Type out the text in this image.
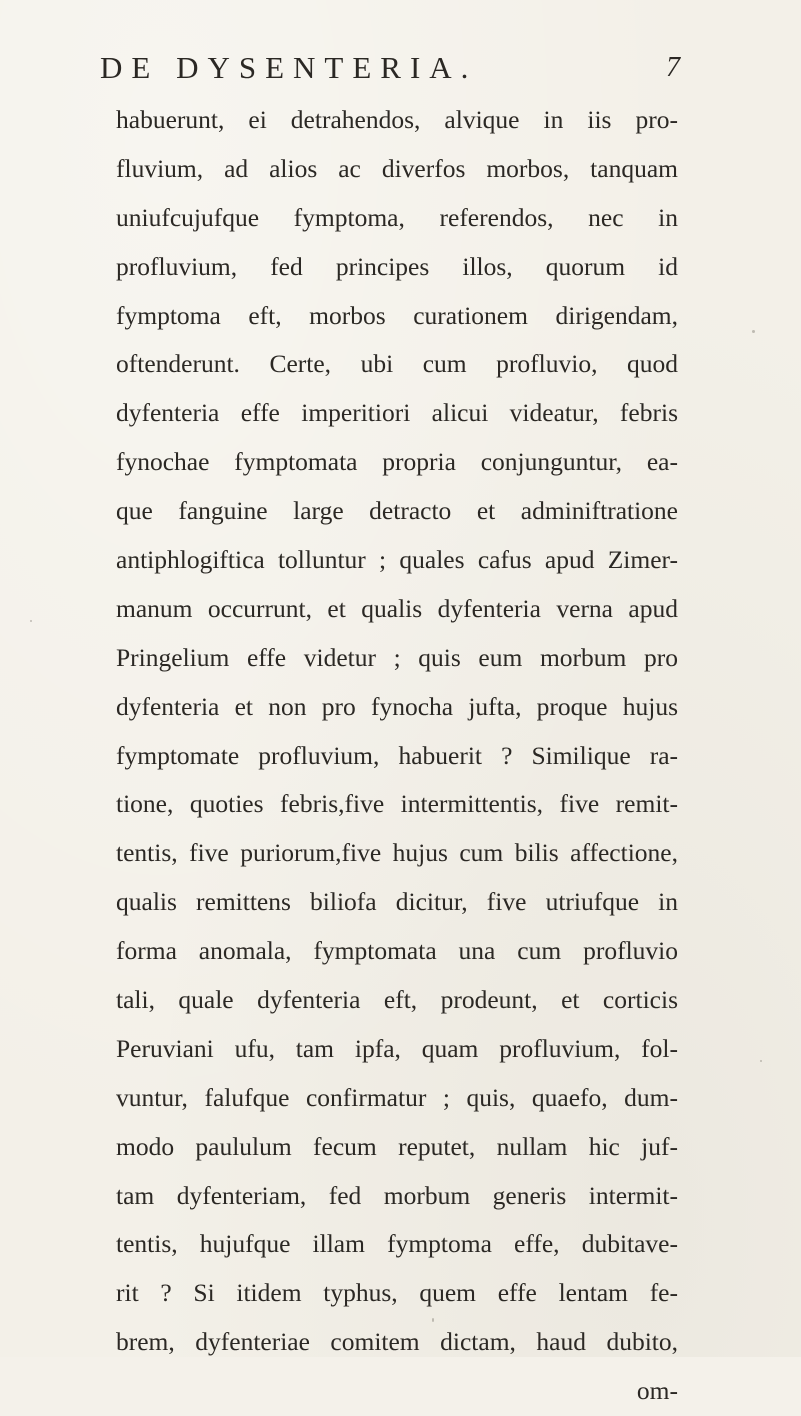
DE DYSENTERIA.	7
habuerunt, ei detrahendos, alvique in iis pro-
fluvium, ad alios ac diverfos morbos, tanquam
uniufcujufque fymptoma, referendos, nec in
profluvium, fed principes illos, quorum id
fymptoma eft, morbos curationem dirigendam,
oftenderunt. Certe, ubi cum profluvio, quod
dyfenteria effe imperitiori alicui videatur, febris
fynochae fymptomata propria conjunguntur, ea-
que fanguine large detracto et adminiftratione
antiphlogiftica tolluntur ; quales cafus apud Zimer-
manum occurrunt, et qualis dyfenteria verna apud
Pringelium effe videtur ; quis eum morbum pro
dyfenteria et non pro fynocha jufta, proque hujus
fymptomate profluvium, habuerit ? Similique ra-
tione, quoties febris,five intermittentis, five remit-
tentis, five puriorum,five hujus cum bilis affectione,
qualis remittens biliofa dicitur, five utriufque in
forma anomala, fymptomata una cum profluvio
tali, quale dyfenteria eft, prodeunt, et corticis
Peruviani ufu, tam ipfa, quam profluvium, fol-
vuntur, falufque confirmatur ; quis, quaefo, dum-
modo paululum fecum reputet, nullam hic juf-
tam dyfenteriam, fed morbum generis intermit-
tentis, hujufque illam fymptoma effe, dubitave-
rit ? Si itidem typhus, quem effe lentam fe-
brem, dyfenteriae comitem dictam, haud dubito,
om-
